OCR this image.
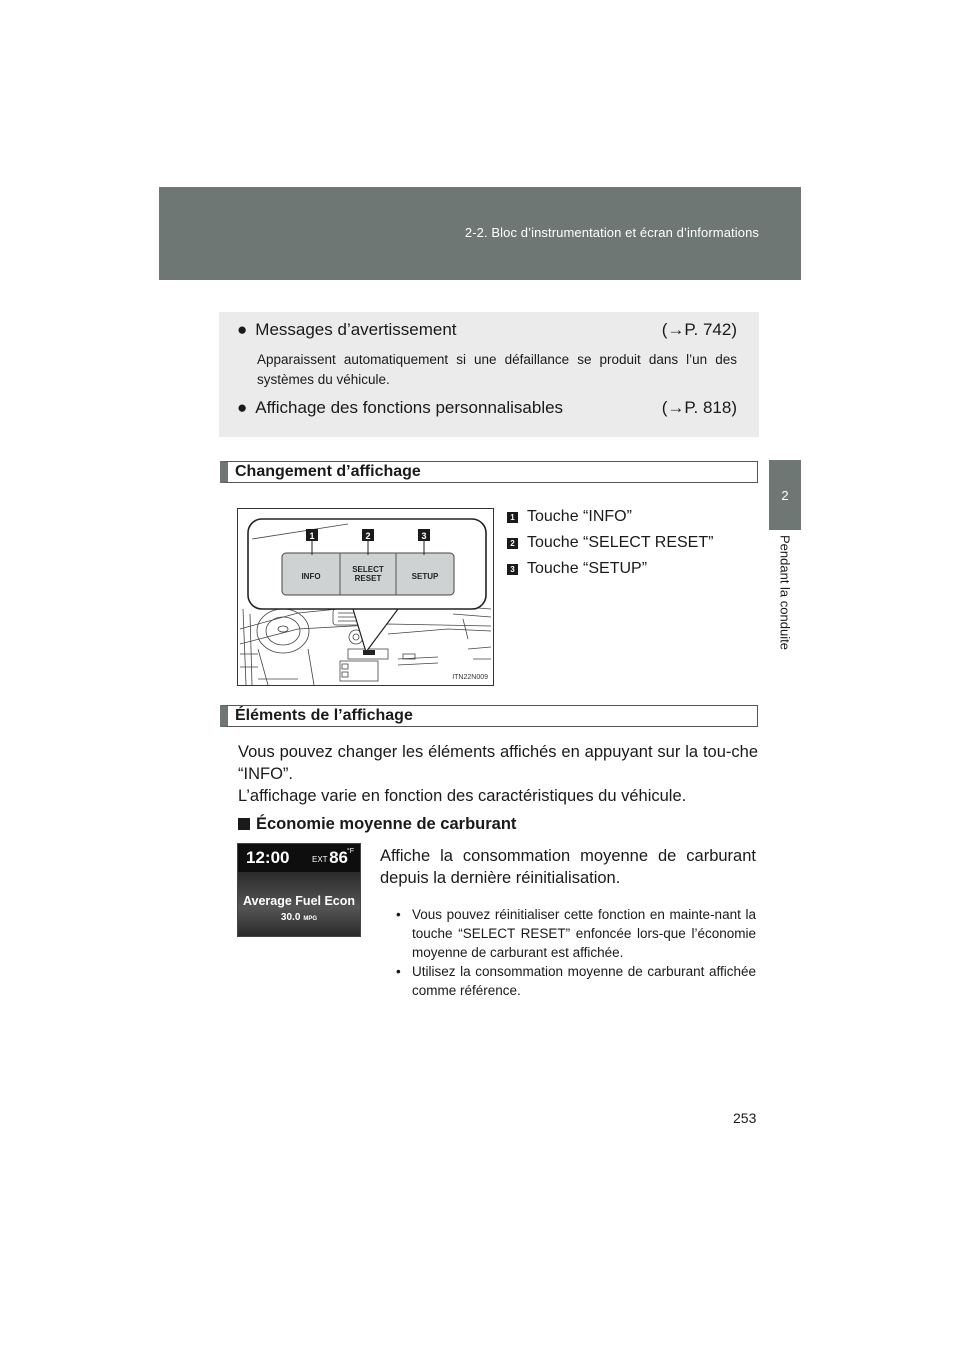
2-2. Bloc d’instrumentation et écran d’informations
2
Pendant la conduite
● Messages d’avertissement	(→P. 742)
Apparaissent automatiquement si une défaillance se produit dans l’un des systèmes du véhicule.
● Affichage des fonctions personnalisables	(→P. 818)
Changement d’affichage
1	2	3
INFO
SELECT
RESET	SETUP
ITN22N009
1 Touche “INFO”
2 Touche “SELECT RESET”
3 Touche “SETUP”
Éléments de l’affichage
Vous pouvez changer les éléments affichés en appuyant sur la tou-che “INFO”.
L’affichage varie en fonction des caractéristiques du véhicule.
Économie moyenne de carburant
Average Fuel Econ
30.0 MPG
12:00	EXT 86
°F Affiche la consommation moyenne de carburant depuis la dernière réinitialisation.
• Vous pouvez réinitialiser cette fonction en mainte-nant la touche “SELECT RESET” enfoncée lors-que l’économie moyenne de carburant est affichée.
• Utilisez la consommation moyenne de carburant affichée comme référence.
253
